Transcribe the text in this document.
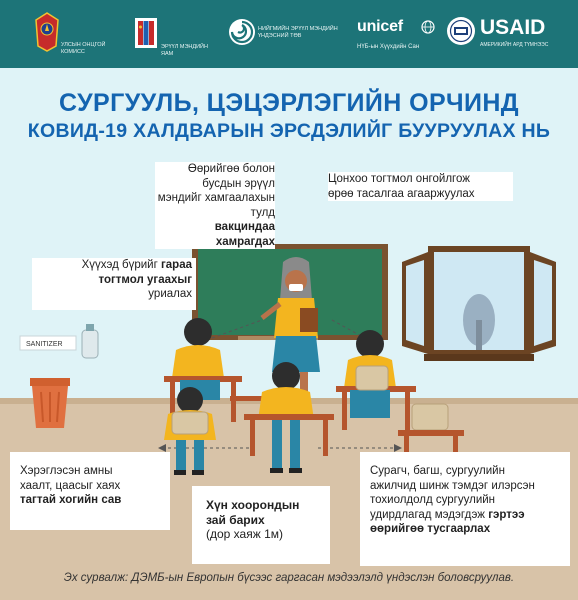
УЛСЫН ОНЦГОЙ КОМИСС
ЭРҮҮЛ МЭНДИЙН ЯАМ
НИЙГМИЙН ЭРҮҮЛ МЭНДИЙН ҮНДЭСНИЙ ТӨВ
unicef
НҮБ-ын Хүүхдийн Сан
USAID
АМЕРИКИЙН АРД ТҮМНЭЭС
СУРГУУЛЬ, ЦЭЦЭРЛЭГИЙН ОРЧИНД
КОВИД-19 ХАЛДВАРЫН ЭРСДЭЛИЙГ БУУРУУЛАХ НЬ
SANITIZER
Өөрийгөө болон бусдын эрүүл
мэндийг хамгаалахын тулд
вакциндаа хамрагдах
Цонхоо тогтмол онгойлгож
өрөө тасалгаа агааржуулах
Хүүхэд бүрийг гараа
тогтмол угаахыг
уриалах
Хэрэглэсэн амны
хаалт, цаасыг хаях
тагтай хогийн сав	Хүн хоорондын
зай барих
(дор хаяж 1м)
Сурагч, багш, сургуулийн
ажилчид шинж тэмдэг илэрсэн
тохиолдолд сургуулийн
удирдлагад мэдэгдэж гэртээ
өөрийгөө тусгаарлах
Эх сурвалж: ДЭМБ-ын Европын бүсээс гаргасан мэдээлэлд үндэслэн боловсруулав.
